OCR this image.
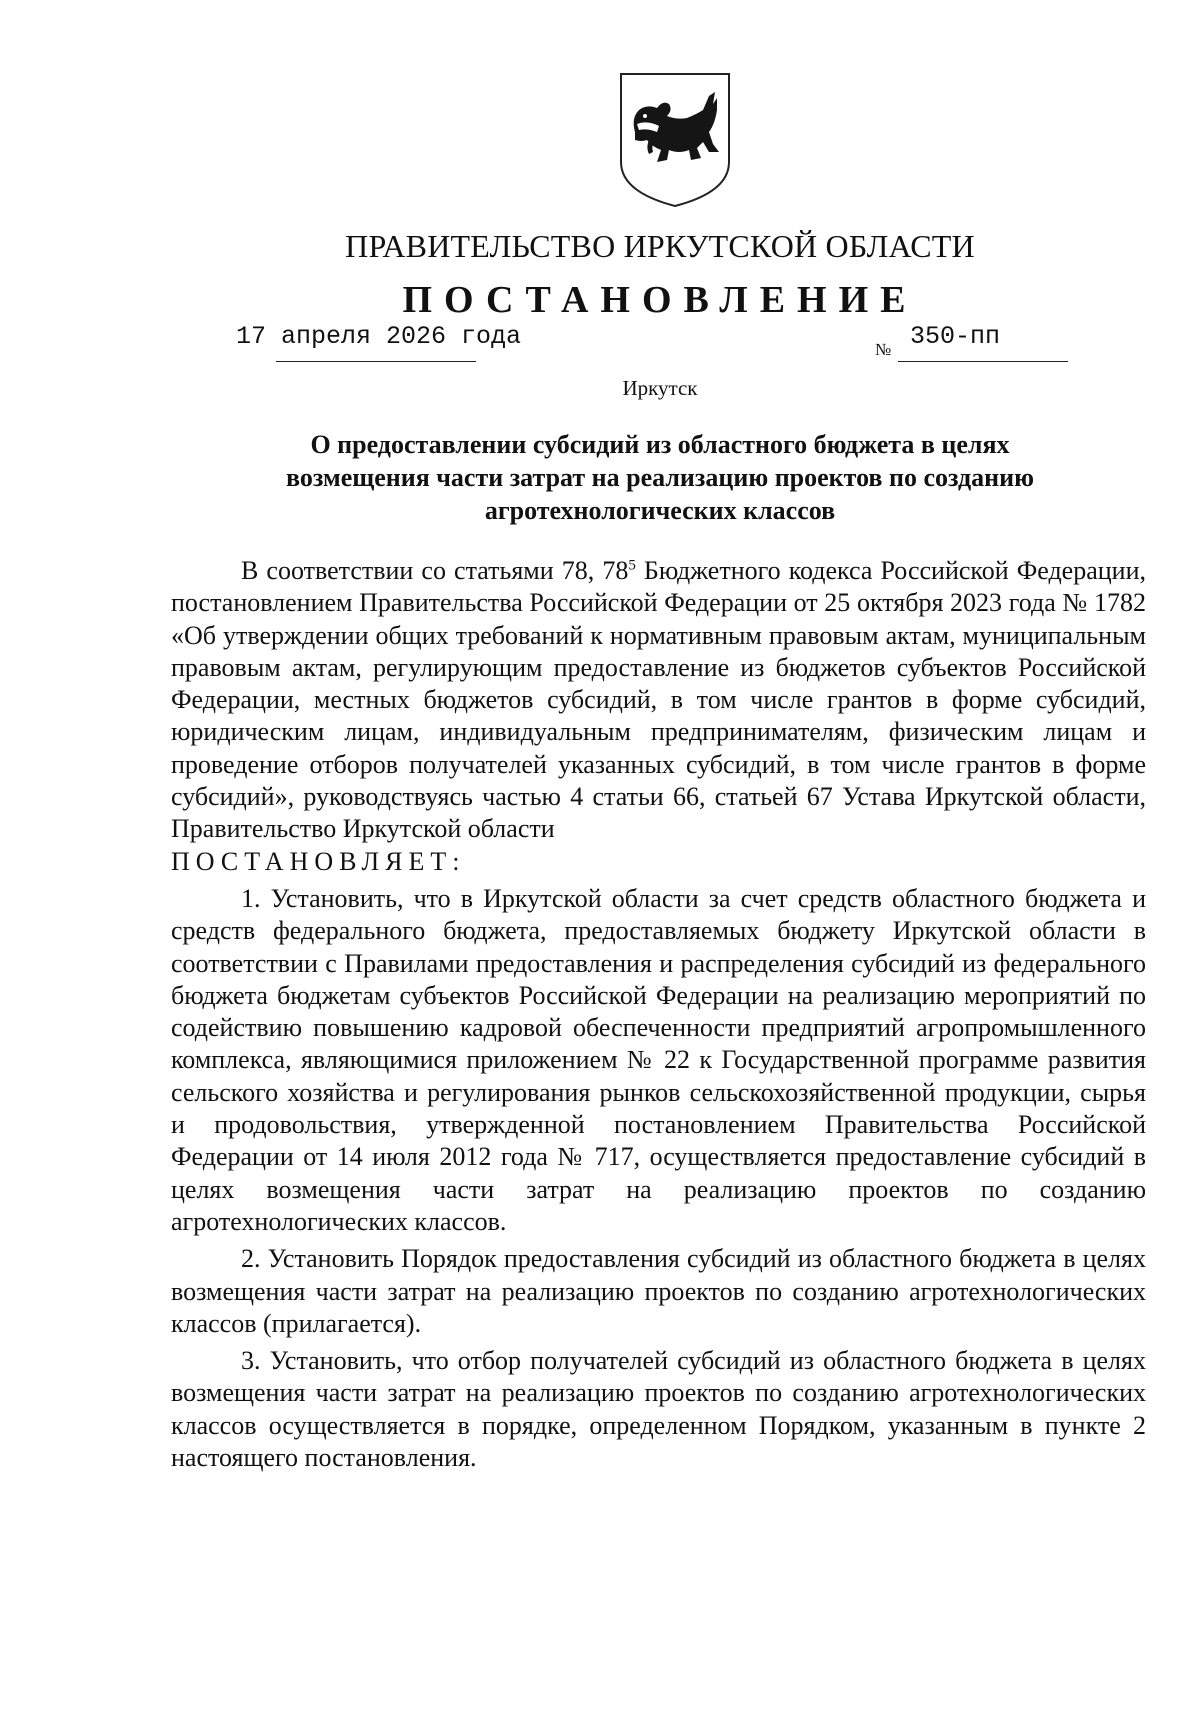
ПРАВИТЕЛЬСТВО ИРКУТСКОЙ ОБЛАСТИ
ПОСТАНОВЛЕНИЕ
17 апреля 2026 года	№ 350-пп
Иркутск
О предоставлении субсидий из областного бюджета в целях возмещения части затрат на реализацию проектов по созданию агротехнологических классов

В соответствии со статьями 78, $78^5$ Бюджетного кодекса Российской Федерации, постановлением Правительства Российской Федерации от 25 октября 2023 года № 1782 «Об утверждении общих требований к нормативным правовым актам, муниципальным правовым актам, регулирующим предоставление из бюджетов субъектов Российской Федерации, местных бюджетов субсидий, в том числе грантов в форме субсидий, юридическим лицам, индивидуальным предпринимателям, физическим лицам и проведение отборов получателей указанных субсидий, в том числе грантов в форме субсидий», руководствуясь частью 4 статьи 66, статьей 67 Устава Иркутской области, Правительство Иркутской области

ПОСТАНОВЛЯЕТ:

1. Установить, что в Иркутской области за счет средств областного бюджета и средств федерального бюджета, предоставляемых бюджету Иркутской области в соответствии с Правилами предоставления и распределения субсидий из федерального бюджета бюджетам субъектов Российской Федерации на реализацию мероприятий по содействию повышению кадровой обеспеченности предприятий агропромышленного комплекса, являющимися приложением № 22 к Государственной программе развития сельского хозяйства и регулирования рынков сельскохозяйственной продукции, сырья и продовольствия, утвержденной постановлением Правительства Российской Федерации от 14 июля 2012 года № 717, осуществляется предоставление субсидий в целях возмещения части затрат на реализацию проектов по созданию агротехнологических классов.

2. Установить Порядок предоставления субсидий из областного бюджета в целях возмещения части затрат на реализацию проектов по созданию агротехнологических классов (прилагается).

3. Установить, что отбор получателей субсидий из областного бюджета в целях возмещения части затрат на реализацию проектов по созданию агротехнологических классов осуществляется в порядке, определенном Порядком, указанным в пункте 2 настоящего постановления.
